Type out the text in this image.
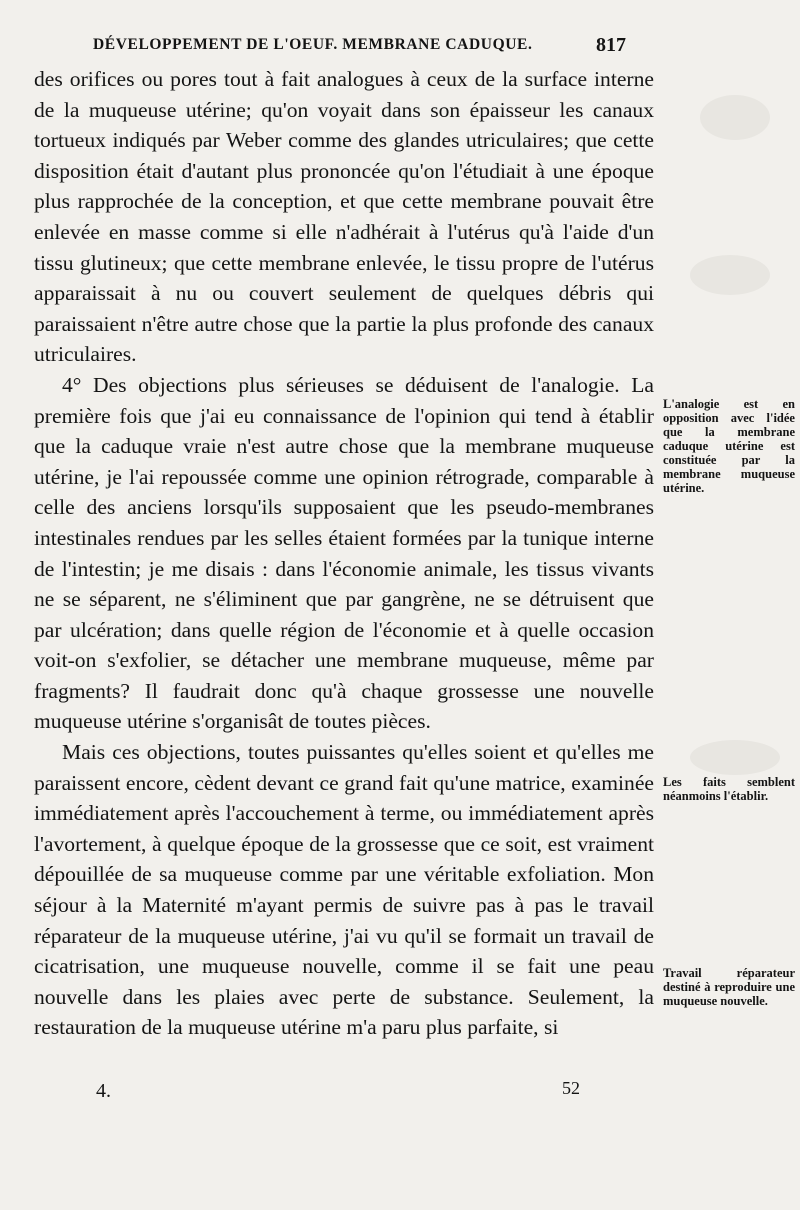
DÉVELOPPEMENT DE L'OEUF. MEMBRANE CADUQUE.	817

des orifices ou pores tout à fait analogues à ceux de la surface interne de la muqueuse utérine; qu'on voyait dans son épaisseur les canaux tortueux indiqués par Weber comme des glandes utriculaires; que cette disposition était d'autant plus prononcée qu'on l'étudiait à une époque plus rapprochée de la conception, et que cette membrane pouvait être enlevée en masse comme si elle n'adhérait à l'utérus qu'à l'aide d'un tissu glutineux; que cette membrane enlevée, le tissu propre de l'utérus apparaissait à nu ou couvert seulement de quelques débris qui paraissaient n'être autre chose que la partie la plus profonde des canaux utriculaires.

4° Des objections plus sérieuses se déduisent de l'analogie. La première fois que j'ai eu connaissance de l'opinion qui tend à établir que la caduque vraie n'est autre chose que la membrane muqueuse utérine, je l'ai repoussée comme une opinion rétrograde, comparable à celle des anciens lorsqu'ils supposaient que les pseudo-membranes intestinales rendues par les selles étaient formées par la tunique interne de l'intestin; je me disais : dans l'économie animale, les tissus vivants ne se séparent, ne s'éliminent que par gangrène, ne se détruisent que par ulcération; dans quelle région de l'économie et à quelle occasion voit-on s'exfolier, se détacher une membrane muqueuse, même par fragments? Il faudrait donc qu'à chaque grossesse une nouvelle muqueuse utérine s'organisât de toutes pièces.

Mais ces objections, toutes puissantes qu'elles soient et qu'elles me paraissent encore, cèdent devant ce grand fait qu'une matrice, examinée immédiatement après l'accouchement à terme, ou immédiatement après l'avortement, à quelque époque de la grossesse que ce soit, est vraiment dépouillée de sa muqueuse comme par une véritable exfoliation. Mon séjour à la Maternité m'ayant permis de suivre pas à pas le travail réparateur de la muqueuse utérine, j'ai vu qu'il se formait un travail de cicatrisation, une muqueuse nouvelle, comme il se fait une peau nouvelle dans les plaies avec perte de substance. Seulement, la restauration de la muqueuse utérine m'a paru plus parfaite, si

L'analogie est en opposition avec l'idée que la membrane caduque utérine est constituée par la membrane muqueuse utérine.
Les faits semblent néanmoins l'établir.
Travail réparateur destiné à reproduire une muqueuse nouvelle.
4.	52
